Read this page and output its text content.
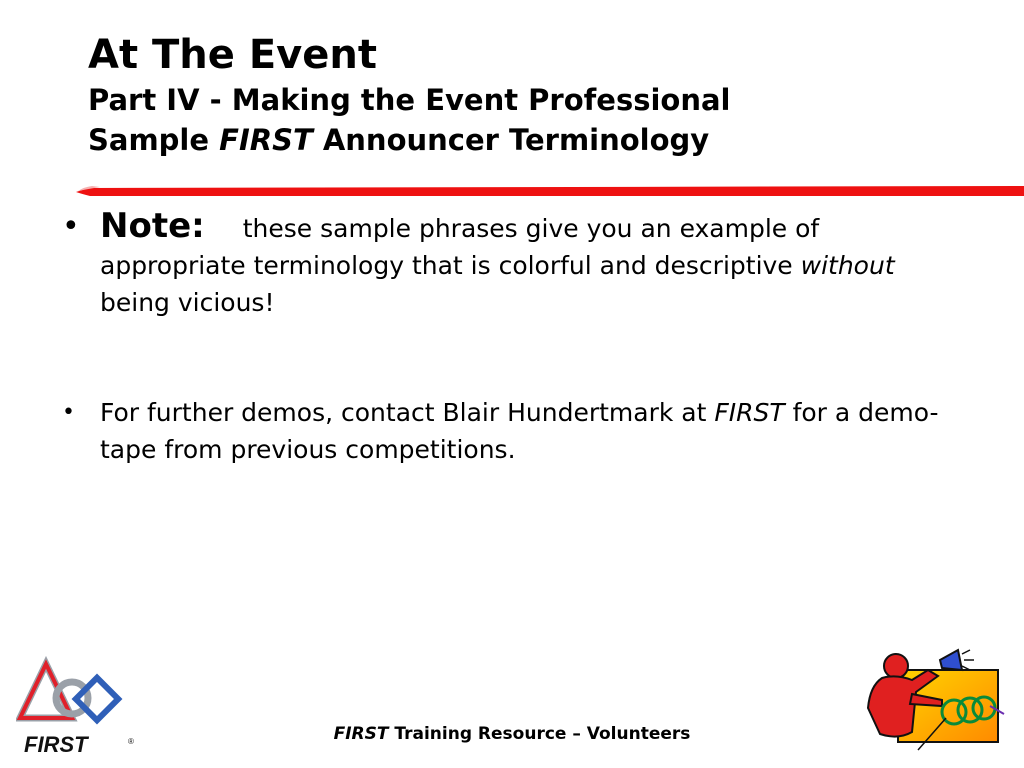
At The Event
Part IV - Making the Event Professional
Sample FIRST Announcer Terminology
• Note: these sample phrases give you an example of appropriate terminology that is colorful and descriptive without being vicious!
• For further demos, contact Blair Hundertmark at FIRST for a demo-tape from previous competitions.
FIRST	®	FIRST Training Resource – Volunteers
